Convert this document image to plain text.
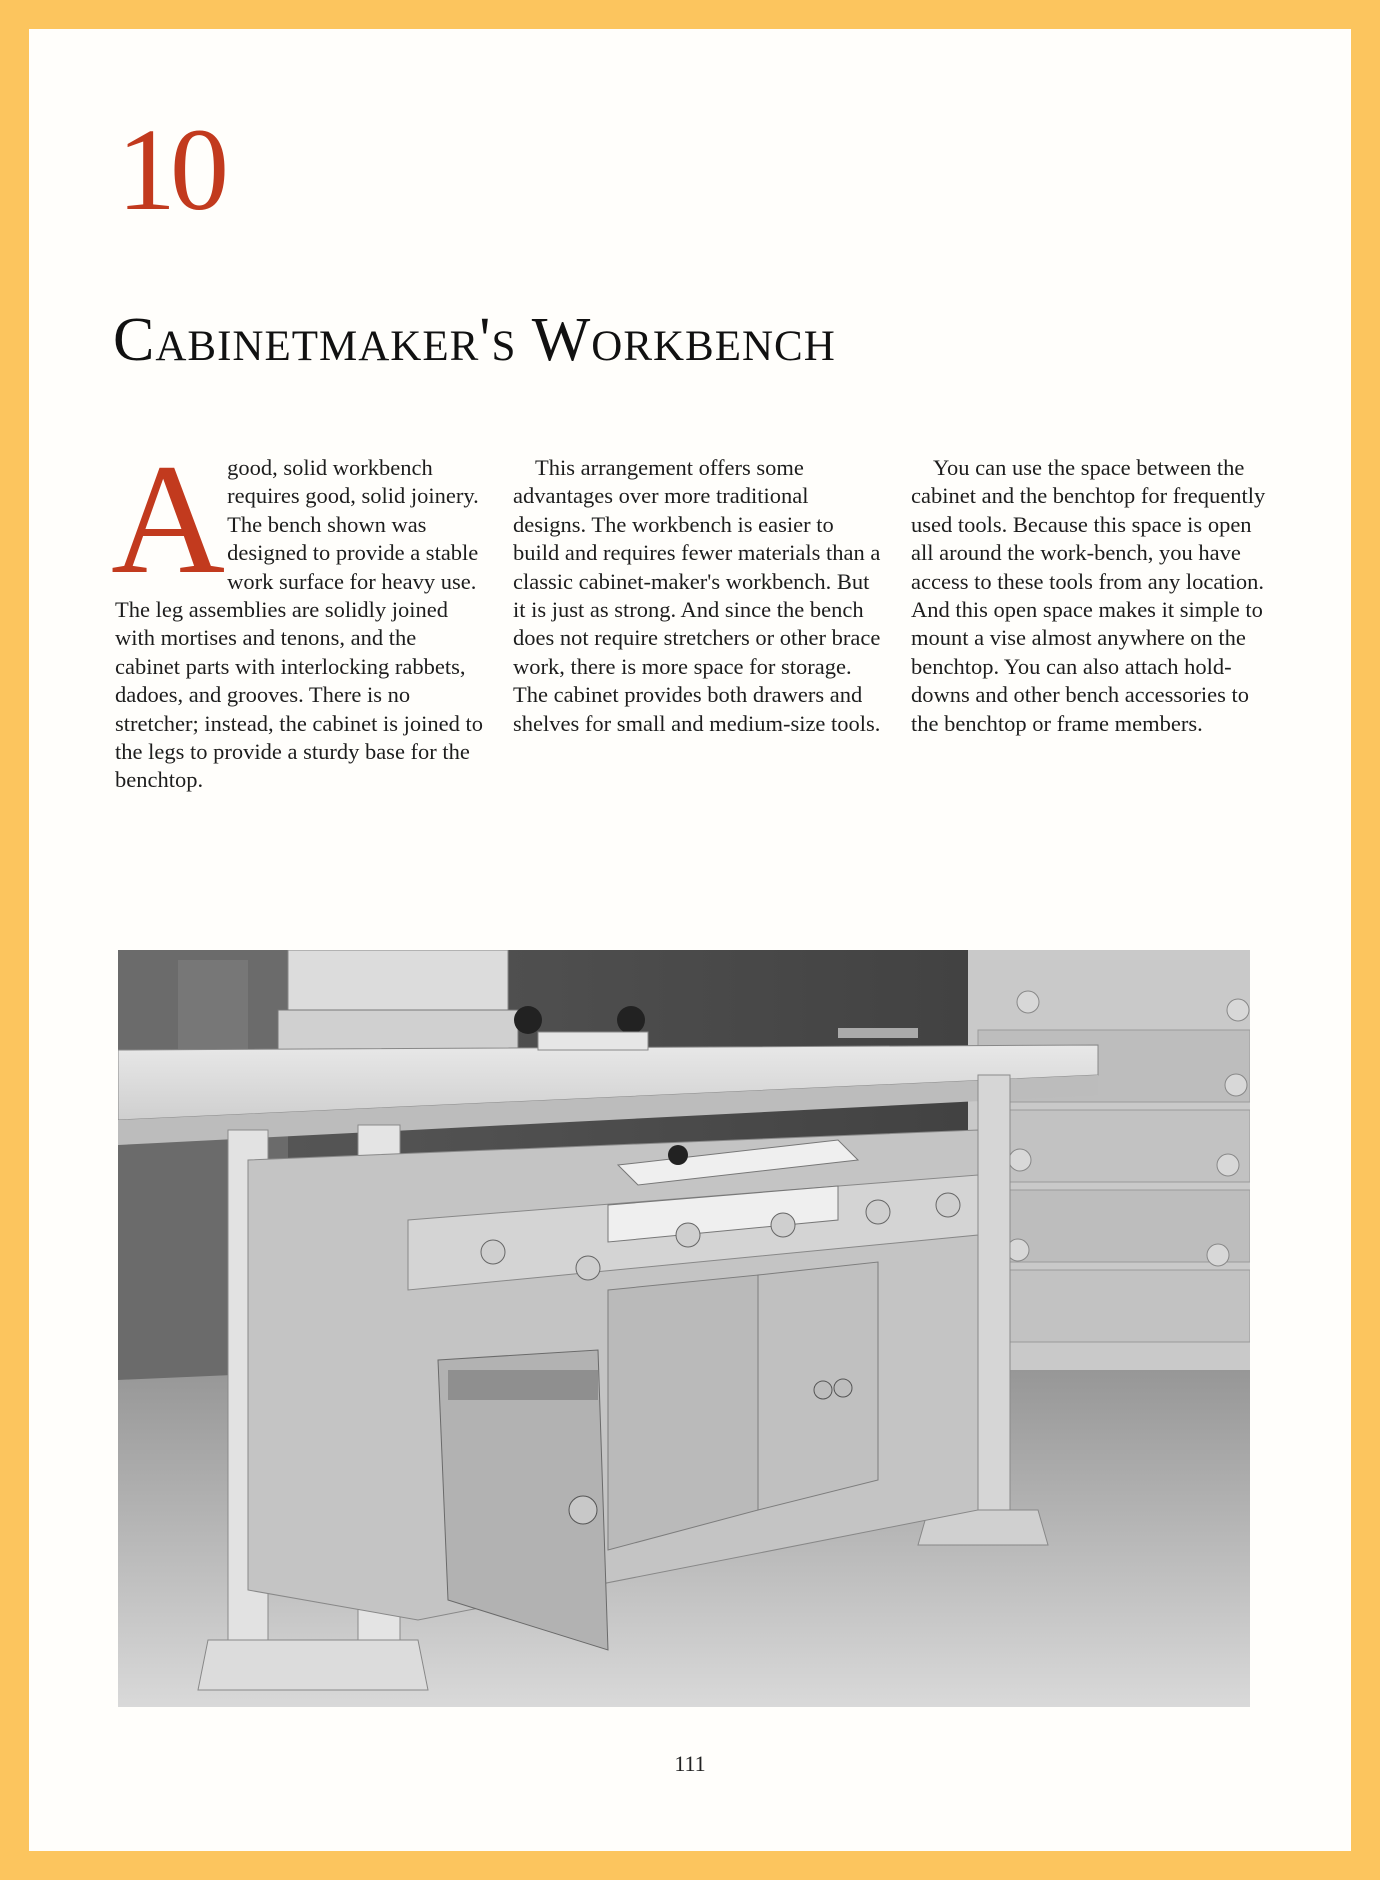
10
Cabinetmaker's Workbench

Agood, solid workbench requires good, solid joinery. The bench shown was designed to provide a stable work surface for heavy use. The leg assemblies are solidly joined with mortises and tenons, and the cabinet parts with interlocking rabbets, dadoes, and grooves. There is no stretcher; instead, the cabinet is joined to the legs to provide a sturdy base for the benchtop.

This arrangement offers some advantages over more traditional designs. The workbench is easier to build and requires fewer materials than a classic cabinet-maker's workbench. But it is just as strong. And since the bench does not require stretchers or other brace work, there is more space for storage. The cabinet provides both drawers and shelves for small and medium-size tools.

You can use the space between the cabinet and the benchtop for frequently used tools. Because this space is open all around the work-bench, you have access to these tools from any location. And this open space makes it simple to mount a vise almost anywhere on the benchtop. You can also attach hold-downs and other bench accessories to the benchtop or frame members.

111
